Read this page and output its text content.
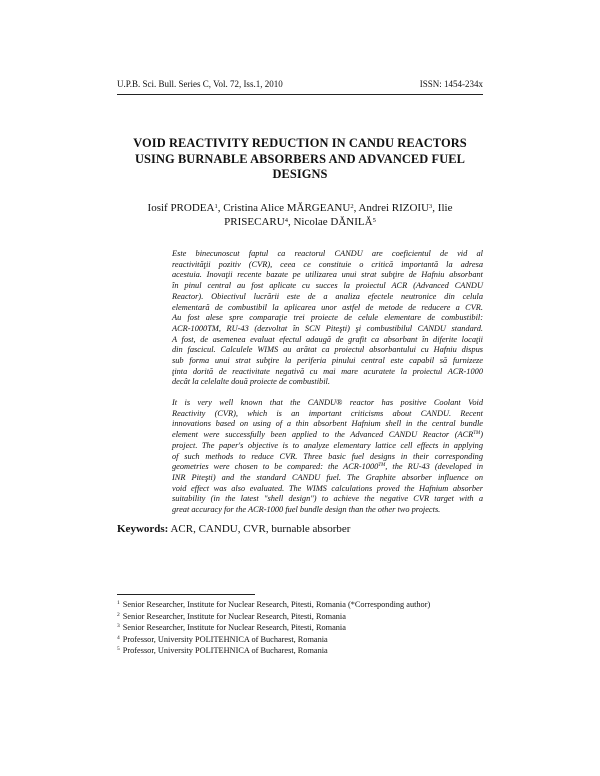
U.P.B. Sci. Bull. Series C, Vol. 72, Iss.1, 2010	ISSN: 1454-234x
VOID REACTIVITY REDUCTION IN CANDU REACTORS
USING BURNABLE ABSORBERS AND ADVANCED FUEL
DESIGNS
Iosif PRODEA$^1$, Cristina Alice MĂRGEANU$^2$, Andrei RIZOIU$^3$, Ilie
PRISECARU$^4$, Nicolae DĂNILĂ$^5$
Este binecunoscut faptul ca reactorul CANDU are coeficientul de vid al
reactivităţii pozitiv (CVR), ceea ce constituie o critică importantă la adresa
acestuia. Inovaţii recente bazate pe utilizarea unui strat subţire de Hafniu absorbant
în pinul central au fost aplicate cu succes la proiectul ACR (Advanced CANDU
Reactor). Obiectivul lucrării este de a analiza efectele neutronice din celula
elementară de combustibil la aplicarea unor astfel de metode de reducere a CVR.
Au fost alese spre comparaţie trei proiecte de celule elementare de combustibil:
ACR-1000TM, RU-43 (dezvoltat în SCN Piteşti) şi combustibilul CANDU standard.
A fost, de asemenea evaluat efectul adaugă de grafit ca absorbant în diferite locaţii
din fascicul. Calculele WIMS au arătat ca proiectul absorbantului cu Hafniu dispus
sub forma unui strat subţire la periferia pinului central este capabil să furnizeze
ţinta dorită de reactivitate negativă cu mai mare acuratete la proiectul ACR-1000
decât la celelalte două proiecte de combustibil.
It is very well known that the CANDU® reactor has positive Coolant Void
Reactivity (CVR), which is an important criticisms about CANDU. Recent
innovations based on using of a thin absorbent Hafnium shell in the central bundle
element were successfully been applied to the Advanced CANDU Reactor (ACR™)
project. The paper's objective is to analyze elementary lattice cell effects in applying
of such methods to reduce CVR. Three basic fuel designs in their corresponding
geometries were chosen to be compared: the ACR-1000™, the RU-43 (developed in
INR Piteşti) and the standard CANDU fuel. The Graphite absorber influence on
void effect was also evaluated. The WIMS calculations proved the Hafnium absorber
suitability (in the latest "shell design") to achieve the negative CVR target with a
great accuracy for the ACR-1000 fuel bundle design than the other two projects.
Keywords: ACR, CANDU, CVR, burnable absorber
$^1$ Senior Researcher, Institute for Nuclear Research, Pitesti, Romania (*Corresponding author)
$^2$ Senior Researcher, Institute for Nuclear Research, Pitesti, Romania
$^3$ Senior Researcher, Institute for Nuclear Research, Pitesti, Romania
$^4$ Professor, University POLITEHNICA of Bucharest, Romania
$^5$ Professor, University POLITEHNICA of Bucharest, Romania
